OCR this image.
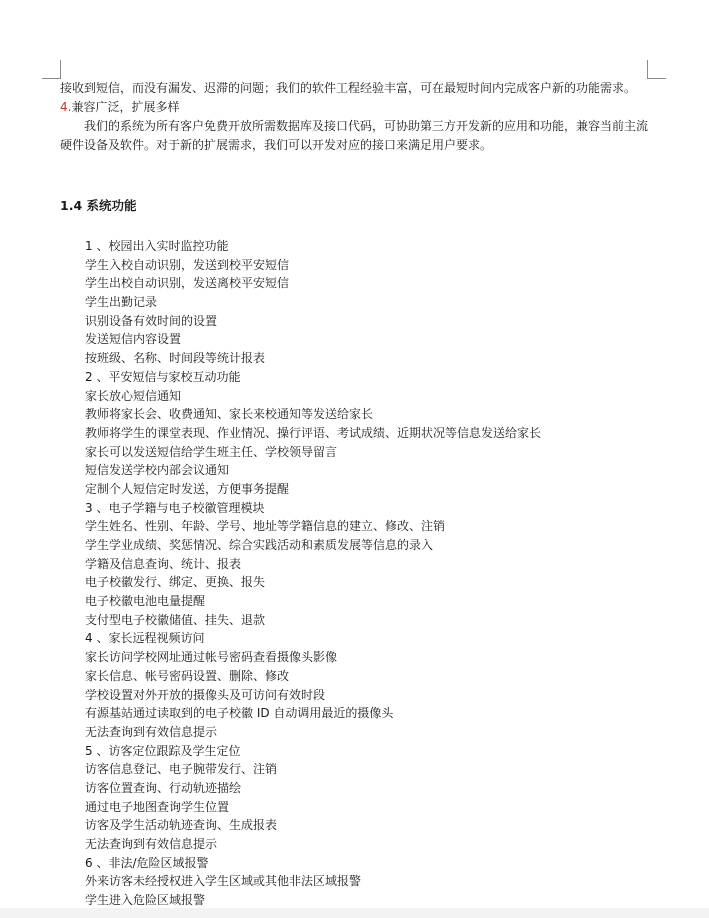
接收到短信，而没有漏发、迟滞的问题；我们的软件工程经验丰富，可在最短时间内完成客户新的功能需求。

4.兼容广泛，扩展多样

我们的系统为所有客户免费开放所需数据库及接口代码，可协助第三方开发新的应用和功能，兼容当前主流硬件设备及软件。对于新的扩展需求，我们可以开发对应的接口来满足用户要求。

1.4 系统功能
1 、校园出入实时监控功能
学生入校自动识别，发送到校平安短信
学生出校自动识别，发送离校平安短信
学生出勤记录
识别设备有效时间的设置
发送短信内容设置
按班级、名称、时间段等统计报表
2 、平安短信与家校互动功能
家长放心短信通知
教师将家长会、收费通知、家长来校通知等发送给家长
教师将学生的课堂表现、作业情况、操行评语、考试成绩、近期状况等信息发送给家长
家长可以发送短信给学生班主任、学校领导留言
短信发送学校内部会议通知
定制个人短信定时发送，方便事务提醒
3 、电子学籍与电子校徽管理模块
学生姓名、性别、年龄、学号、地址等学籍信息的建立、修改、注销
学生学业成绩、奖惩情况、综合实践活动和素质发展等信息的录入
学籍及信息查询、统计、报表
电子校徽发行、绑定、更换、报失
电子校徽电池电量提醒
支付型电子校徽储值、挂失、退款
4 、家长远程视频访问
家长访问学校网址通过帐号密码查看摄像头影像
家长信息、帐号密码设置、删除、修改
学校设置对外开放的摄像头及可访问有效时段
有源基站通过读取到的电子校徽 ID 自动调用最近的摄像头
无法查询到有效信息提示
5 、访客定位跟踪及学生定位
访客信息登记、电子腕带发行、注销
访客位置查询、行动轨迹描绘
通过电子地图查询学生位置
访客及学生活动轨迹查询、生成报表
无法查询到有效信息提示
6 、非法/危险区域报警
外来访客未经授权进入学生区域或其他非法区域报警
学生进入危险区域报警
